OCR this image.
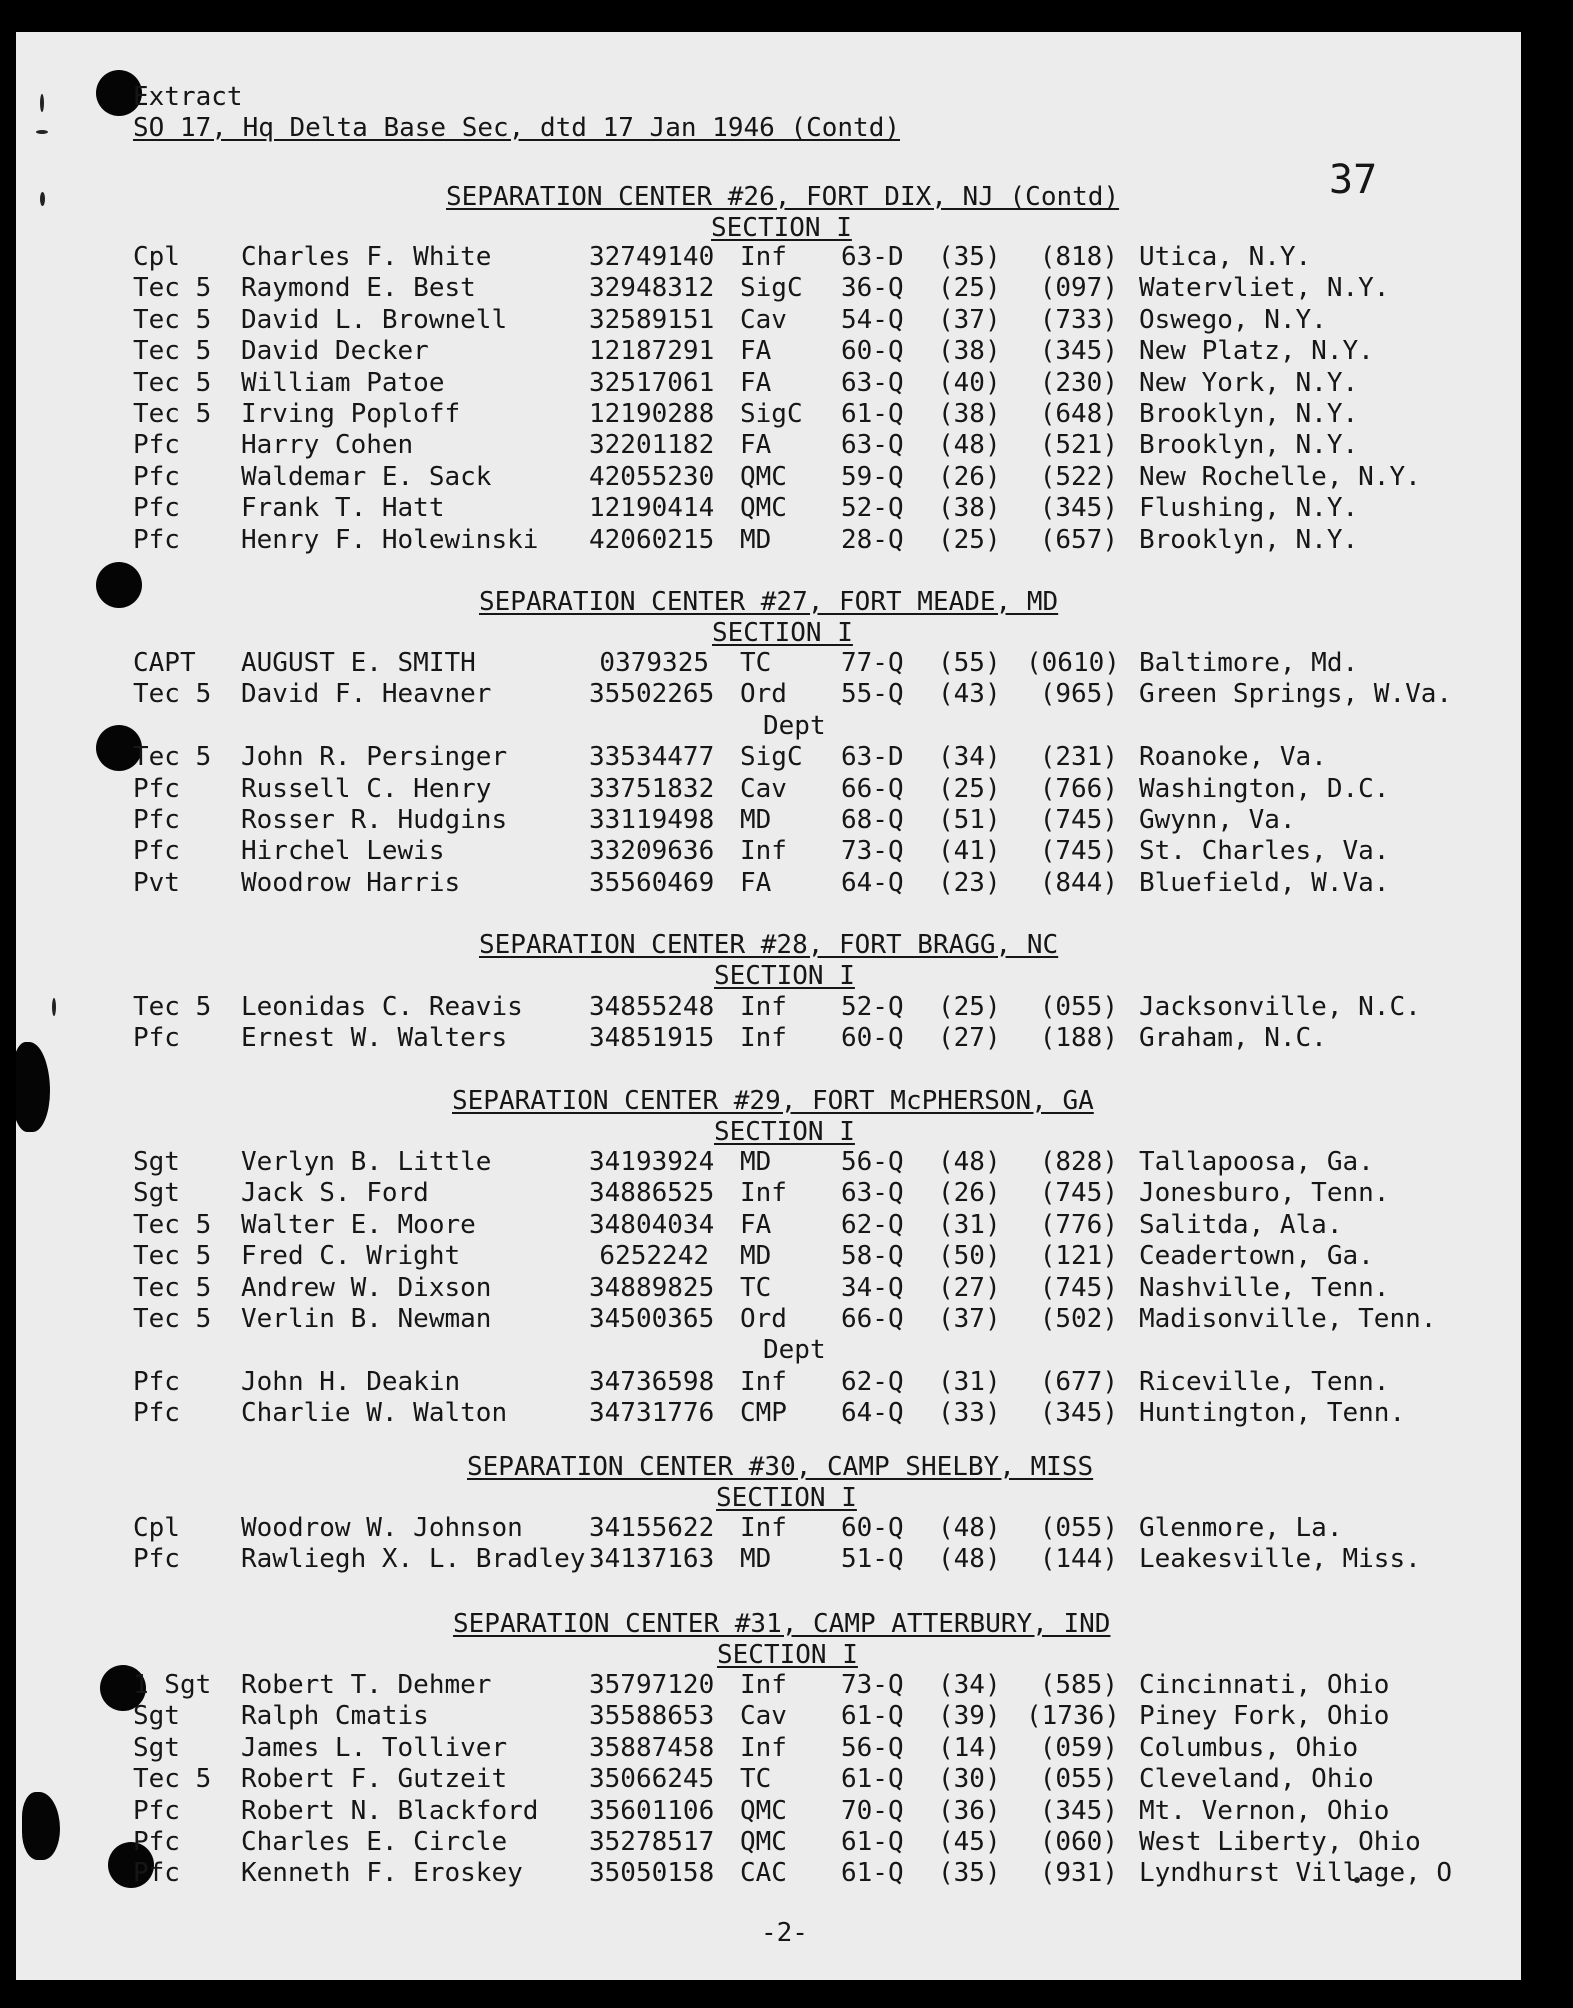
Extract
SO 17, Hq Delta Base Sec, dtd 17 Jan 1946 (Contd)
37
SEPARATION CENTER #26, FORT DIX, NJ (Contd)
SECTION I
Cpl Charles F. White	32749140 Inf 63-D (35)	(818) Utica, N.Y.
Tec 5 Raymond E. Best	32948312 SigC 36-Q (25)	(097) Watervliet, N.Y.
Tec 5 David L. Brownell	32589151 Cav 54-Q (37)	(733) Oswego, N.Y.
Tec 5 David Decker	12187291 FA	60-Q (38)	(345) New Platz, N.Y.
Tec 5 William Patoe	32517061 FA	63-Q (40)	(230) New York, N.Y.
Tec 5 Irving Poploff	12190288 SigC 61-Q (38)	(648) Brooklyn, N.Y.
Pfc Harry Cohen	32201182 FA	63-Q (48)	(521) Brooklyn, N.Y.
Pfc Waldemar E. Sack	42055230 QMC 59-Q (26)	(522) New Rochelle, N.Y.
Pfc Frank T. Hatt	12190414 QMC 52-Q (38)	(345) Flushing, N.Y.
Pfc Henry F. Holewinski 42060215 MD	28-Q (25)	(657) Brooklyn, N.Y.
SEPARATION CENTER #27, FORT MEADE, MD
SECTION I
CAPT AUGUST E. SMITH	0379325 TC	77-Q (55) (0610) Baltimore, Md.
Tec 5 David F. Heavner	35502265 Ord 55-Q (43)	(965) Green Springs, W.Va.
Dept
Tec 5 John R. Persinger	33534477 SigC 63-D (34)	(231) Roanoke, Va.
Pfc Russell C. Henry	33751832 Cav 66-Q (25)	(766) Washington, D.C.
Pfc Rosser R. Hudgins	33119498 MD	68-Q (51)	(745) Gwynn, Va.
Pfc Hirchel Lewis	33209636 Inf 73-Q (41)	(745) St. Charles, Va.
Pvt Woodrow Harris	35560469 FA	64-Q (23)	(844) Bluefield, W.Va.
SEPARATION CENTER #28, FORT BRAGG, NC
SECTION I
Tec 5 Leonidas C. Reavis	34855248 Inf 52-Q (25)	(055) Jacksonville, N.C.
Pfc Ernest W. Walters	34851915 Inf 60-Q (27)	(188) Graham, N.C.
SEPARATION CENTER #29, FORT McPHERSON, GA
SECTION I
Sgt Verlyn B. Little	34193924 MD	56-Q (48)	(828) Tallapoosa, Ga.
Sgt Jack S. Ford	34886525 Inf 63-Q (26)	(745) Jonesburo, Tenn.
Tec 5 Walter E. Moore	34804034 FA	62-Q (31)	(776) Salitda, Ala.
Tec 5 Fred C. Wright	6252242 MD	58-Q (50)	(121) Ceadertown, Ga.
Tec 5 Andrew W. Dixson	34889825 TC	34-Q (27)	(745) Nashville, Tenn.
Tec 5 Verlin B. Newman	34500365 Ord 66-Q (37)	(502) Madisonville, Tenn.
Dept
Pfc John H. Deakin	34736598 Inf 62-Q (31)	(677) Riceville, Tenn.
Pfc Charlie W. Walton	34731776 CMP 64-Q (33)	(345) Huntington, Tenn.
SEPARATION CENTER #30, CAMP SHELBY, MISS
SECTION I
Cpl Woodrow W. Johnson	34155622 Inf 60-Q (48)	(055) Glenmore, La.
Pfc Rawliegh X. L. Bradley 34137163 MD	51-Q (48)	(144) Leakesville, Miss.
SEPARATION CENTER #31, CAMP ATTERBURY, IND
SECTION I
1 Sgt Robert T. Dehmer	35797120 Inf 73-Q (34)	(585) Cincinnati, Ohio
Sgt Ralph Cmatis	35588653 Cav 61-Q (39) (1736) Piney Fork, Ohio
Sgt James L. Tolliver	35887458 Inf 56-Q (14)	(059) Columbus, Ohio
Tec 5 Robert F. Gutzeit	35066245 TC	61-Q (30)	(055) Cleveland, Ohio
Pfc Robert N. Blackford 35601106 QMC 70-Q (36)	(345) Mt. Vernon, Ohio
Pfc Charles E. Circle	35278517 QMC 61-Q (45)	(060) West Liberty, Ohio
Pfc Kenneth F. Eroskey	35050158 CAC 61-Q (35)	(931) Lyndhurst Village, O
-2-
